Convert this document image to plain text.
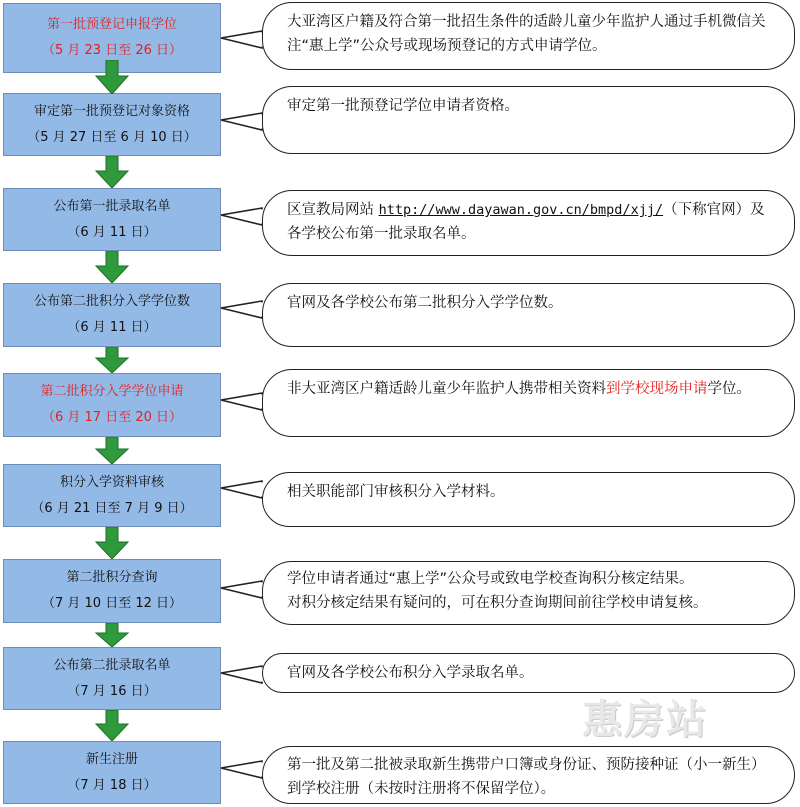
第一批预登记申报学位
（5 月 23 日至 26 日）
审定第一批预登记对象资格
（5 月 27 日至 6 月 10 日）
公布第一批录取名单
（6 月 11 日）
公布第二批积分入学学位数
（6 月 11 日）
第二批积分入学学位申请
（6 月 17 日至 20 日）
积分入学资料审核
（6 月 21 日至 7 月 9 日）
第二批积分查询
（7 月 10 日至 12 日）
公布第二批录取名单
（7 月 16 日）
新生注册
（7 月 18 日）
大亚湾区户籍及符合第一批招生条件的适龄儿童少年监护人通过手机微信关注“惠上学”公众号或现场预登记的方式申请学位。
审定第一批预登记学位申请者资格。
区宣教局网站 http://www.dayawan.gov.cn/bmpd/xjj/（下称官网）及各学校公布第一批录取名单。
官网及各学校公布第二批积分入学学位数。
非大亚湾区户籍适龄儿童少年监护人携带相关资料到学校现场申请学位。
相关职能部门审核积分入学材料。
学位申请者通过“惠上学”公众号或致电学校查询积分核定结果。
对积分核定结果有疑问的，可在积分查询期间前往学校申请复核。
官网及各学校公布积分入学录取名单。
第一批及第二批被录取新生携带户口簿或身份证、预防接种证（小一新生）到学校注册（未按时注册将不保留学位）。
惠房站
